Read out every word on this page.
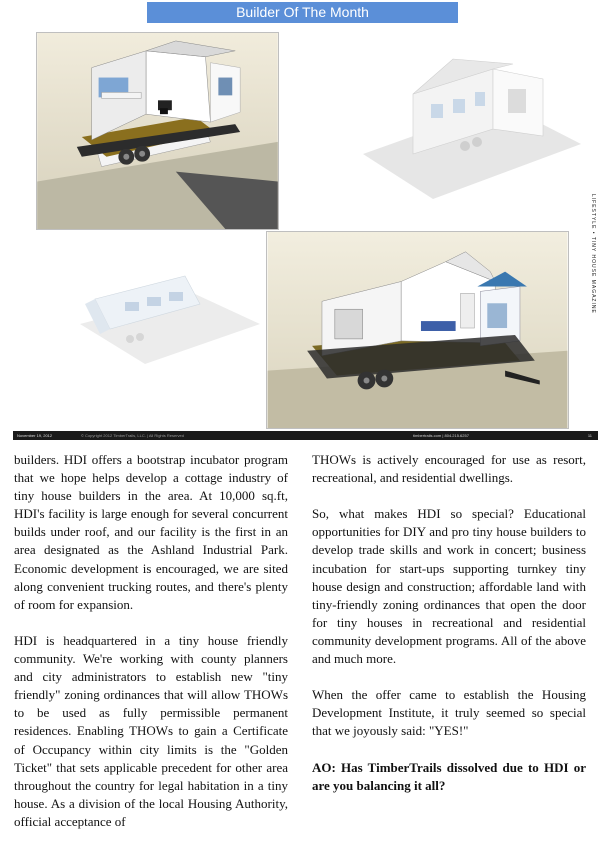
Builder Of The Month
LIFESTYLE • TINY HOUSE MAGAZINE
November 19, 2012	© Copyright 2012 TimberTrails, LLC. | All Rights Reserved	timbertrails.com | 804.215.6257	11

builders. HDI offers a bootstrap incubator program that we hope helps develop a cottage industry of tiny house builders in the area. At 10,000 sq.ft, HDI's facility is large enough for several concurrent builds under roof, and our facility is the first in an area designated as the Ashland Industrial Park. Economic development is encouraged, we are sited along convenient trucking routes, and there's plenty of room for expansion.

HDI is headquartered in a tiny house friendly community. We're working with county planners and city administrators to establish new "tiny friendly" zoning ordinances that will allow THOWs to be used as fully permissible permanent residences. Enabling THOWs to gain a Certificate of Occupancy within city limits is the "Golden Ticket" that sets applicable precedent for other area throughout the country for legal habitation in a tiny house. As a division of the local Housing Authority, official acceptance of

THOWs is actively encouraged for use as resort, recreational, and residential dwellings.

So, what makes HDI so special? Educational opportunities for DIY and pro tiny house builders to develop trade skills and work in concert; business incubation for start-ups supporting turnkey tiny house design and construction; affordable land with tiny-friendly zoning ordinances that open the door for tiny houses in recreational and residential community development programs. All of the above and much more.

When the offer came to establish the Housing Development Institute, it truly seemed so special that we joyously said: "YES!"

AO: Has TimberTrails dissolved due to HDI or are you balancing it all?
